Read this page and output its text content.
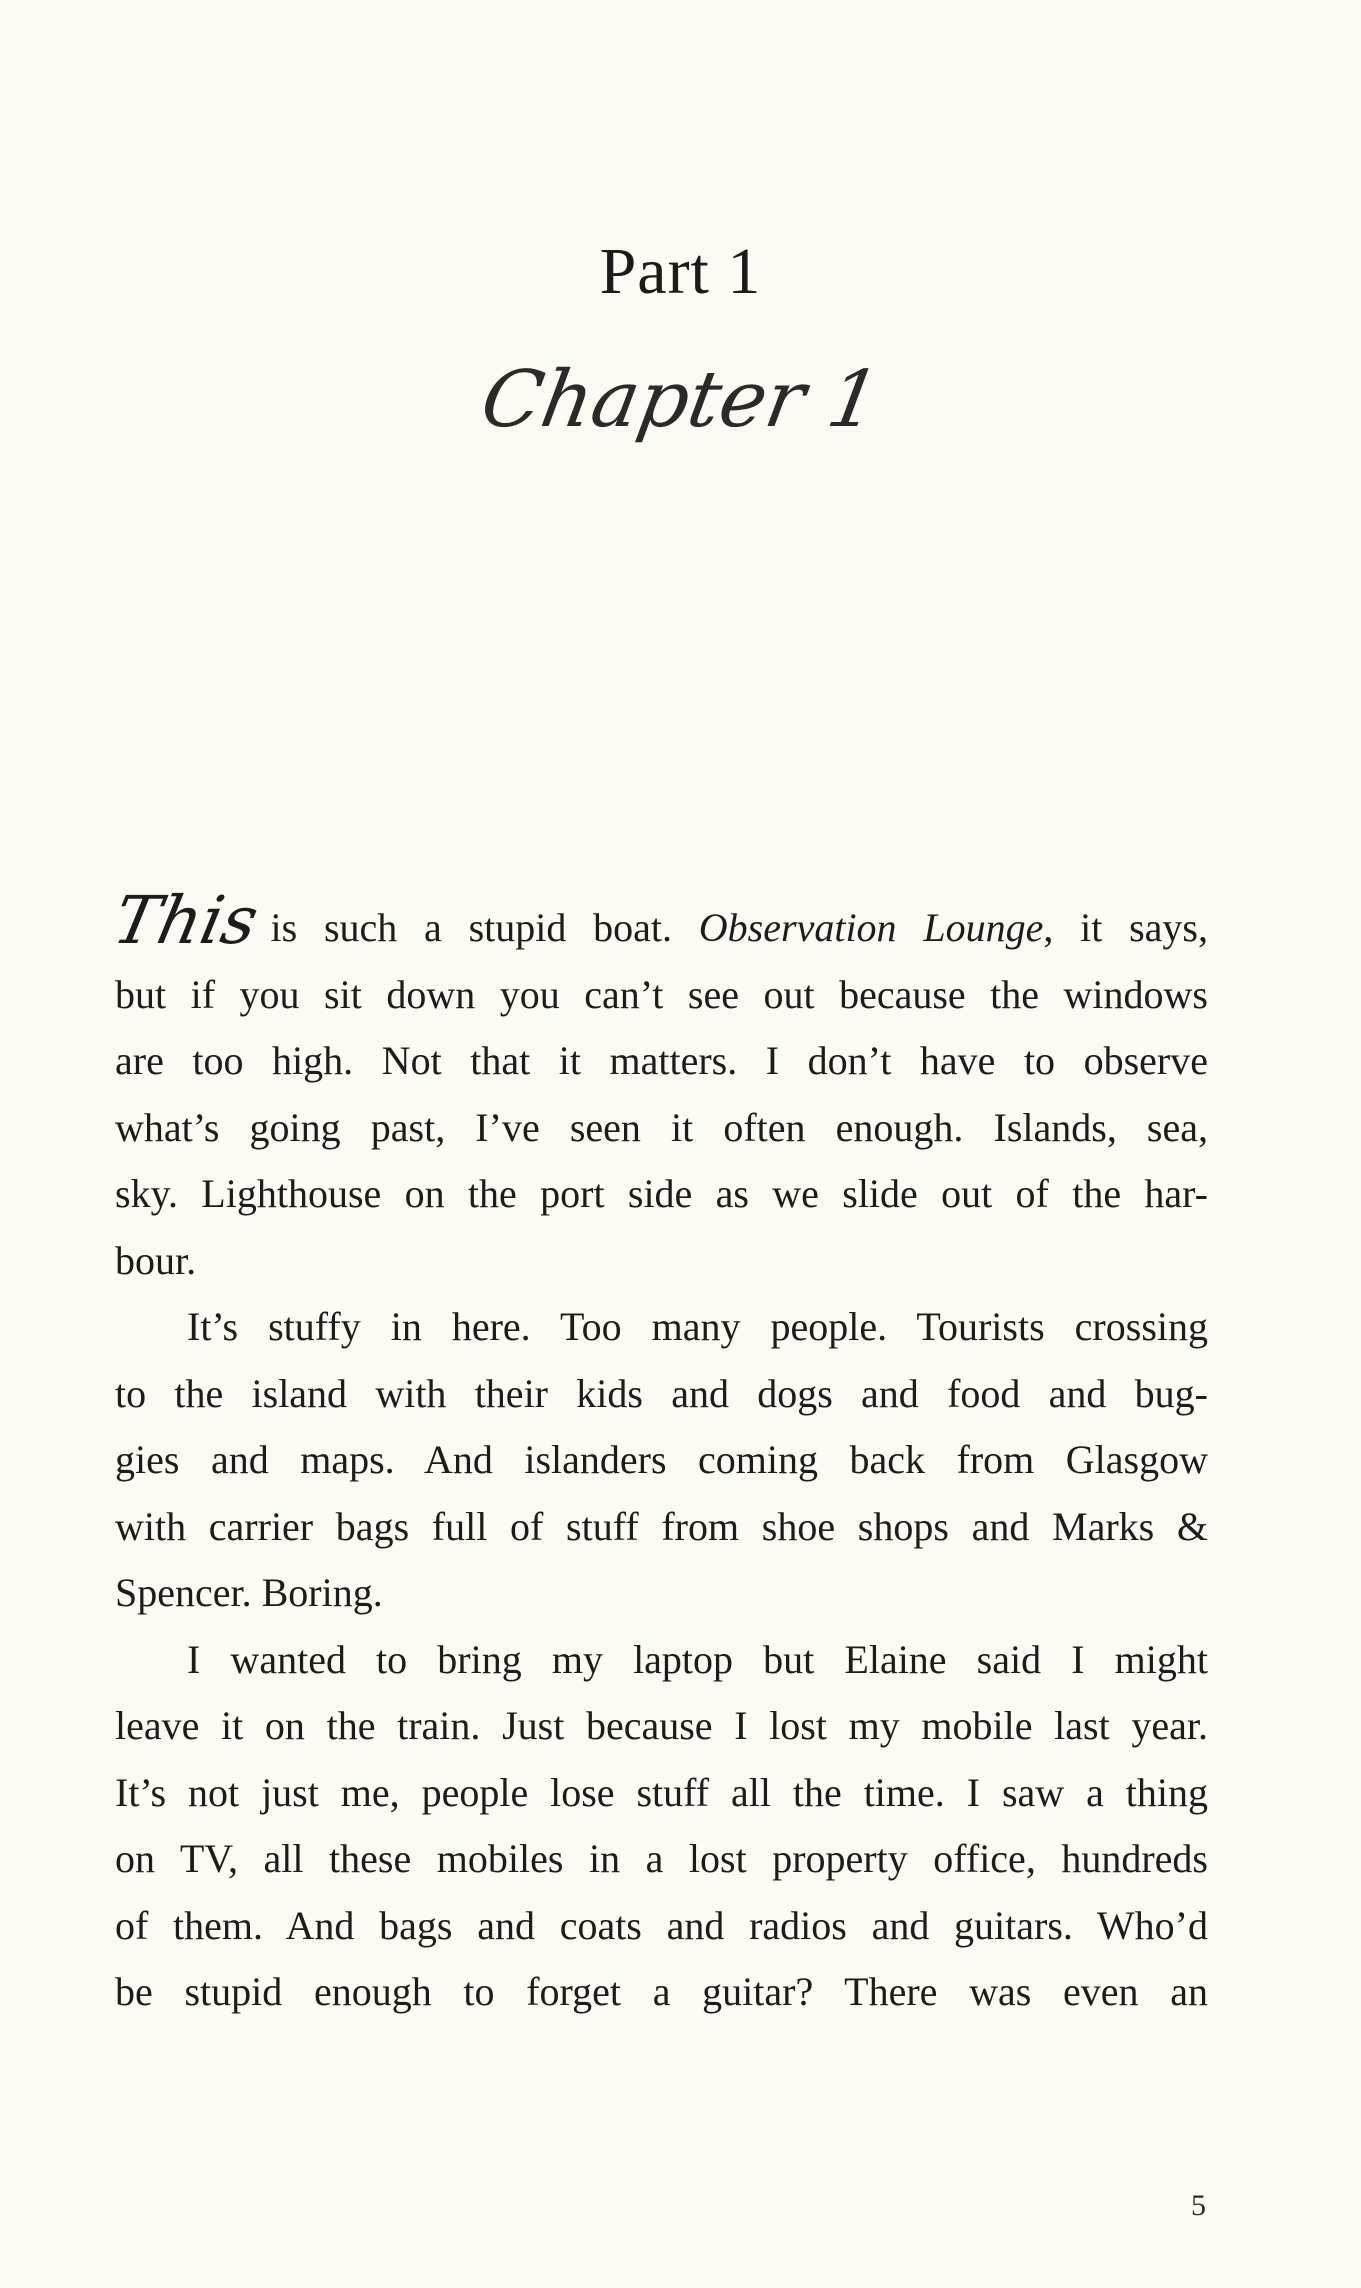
Part 1
Chapter 1
This is such a stupid boat. Observation Lounge, it says,
but if you sit down you can’t see out because the windows
are too high. Not that it matters. I don’t have to observe
what’s going past, I’ve seen it often enough. Islands, sea,
sky. Lighthouse on the port side as we slide out of the har-
bour.
It’s stuffy in here. Too many people. Tourists crossing
to the island with their kids and dogs and food and bug-
gies and maps. And islanders coming back from Glasgow
with carrier bags full of stuff from shoe shops and Marks &
Spencer. Boring.
I wanted to bring my laptop but Elaine said I might
leave it on the train. Just because I lost my mobile last year.
It’s not just me, people lose stuff all the time. I saw a thing
on TV, all these mobiles in a lost property office, hundreds
of them. And bags and coats and radios and guitars. Who’d
be stupid enough to forget a guitar? There was even an
5
